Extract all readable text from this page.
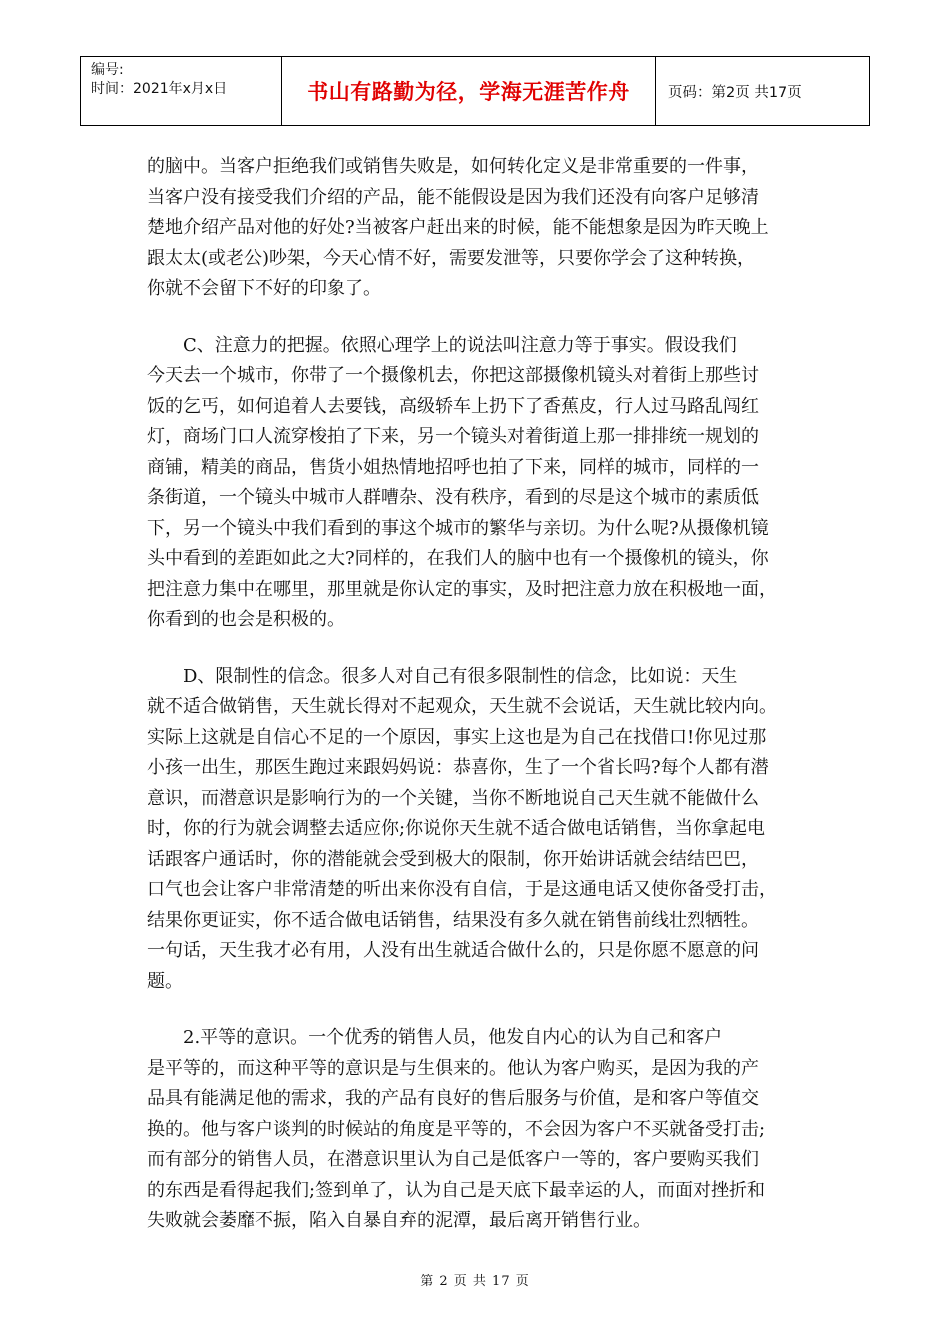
编号:
时间：2021年x月x日	书山有路勤为径，学海无涯苦作舟	页码：第2页 共17页

的脑中。当客户拒绝我们或销售失败是，如何转化定义是非常重要的一件事，
当客户没有接受我们介绍的产品，能不能假设是因为我们还没有向客户足够清
楚地介绍产品对他的好处?当被客户赶出来的时候，能不能想象是因为昨天晚上
跟太太(或老公)吵架，今天心情不好，需要发泄等，只要你学会了这种转换，
你就不会留下不好的印象了。

　　C、注意力的把握。依照心理学上的说法叫注意力等于事实。假设我们
今天去一个城市，你带了一个摄像机去，你把这部摄像机镜头对着街上那些讨
饭的乞丐，如何追着人去要钱，高级轿车上扔下了香蕉皮，行人过马路乱闯红
灯，商场门口人流穿梭拍了下来，另一个镜头对着街道上那一排排统一规划的
商铺，精美的商品，售货小姐热情地招呼也拍了下来，同样的城市，同样的一
条街道，一个镜头中城市人群嘈杂、没有秩序，看到的尽是这个城市的素质低
下，另一个镜头中我们看到的事这个城市的繁华与亲切。为什么呢?从摄像机镜
头中看到的差距如此之大?同样的，在我们人的脑中也有一个摄像机的镜头，你
把注意力集中在哪里，那里就是你认定的事实，及时把注意力放在积极地一面，
你看到的也会是积极的。

　　D、限制性的信念。很多人对自己有很多限制性的信念，比如说：天生
就不适合做销售，天生就长得对不起观众，天生就不会说话，天生就比较内向。
实际上这就是自信心不足的一个原因，事实上这也是为自己在找借口!你见过那
小孩一出生，那医生跑过来跟妈妈说：恭喜你，生了一个省长吗?每个人都有潜
意识，而潜意识是影响行为的一个关键，当你不断地说自己天生就不能做什么
时，你的行为就会调整去适应你;你说你天生就不适合做电话销售，当你拿起电
话跟客户通话时，你的潜能就会受到极大的限制，你开始讲话就会结结巴巴，
口气也会让客户非常清楚的听出来你没有自信，于是这通电话又使你备受打击，
结果你更证实，你不适合做电话销售，结果没有多久就在销售前线壮烈牺牲。
一句话，天生我才必有用，人没有出生就适合做什么的，只是你愿不愿意的问
题。

　　2.平等的意识。一个优秀的销售人员，他发自内心的认为自己和客户
是平等的，而这种平等的意识是与生俱来的。他认为客户购买，是因为我的产
品具有能满足他的需求，我的产品有良好的售后服务与价值，是和客户等值交
换的。他与客户谈判的时候站的角度是平等的，不会因为客户不买就备受打击;
而有部分的销售人员，在潜意识里认为自己是低客户一等的，客户要购买我们
的东西是看得起我们;签到单了，认为自己是天底下最幸运的人，而面对挫折和
失败就会萎靡不振，陷入自暴自弃的泥潭，最后离开销售行业。

第 2 页 共 17 页
